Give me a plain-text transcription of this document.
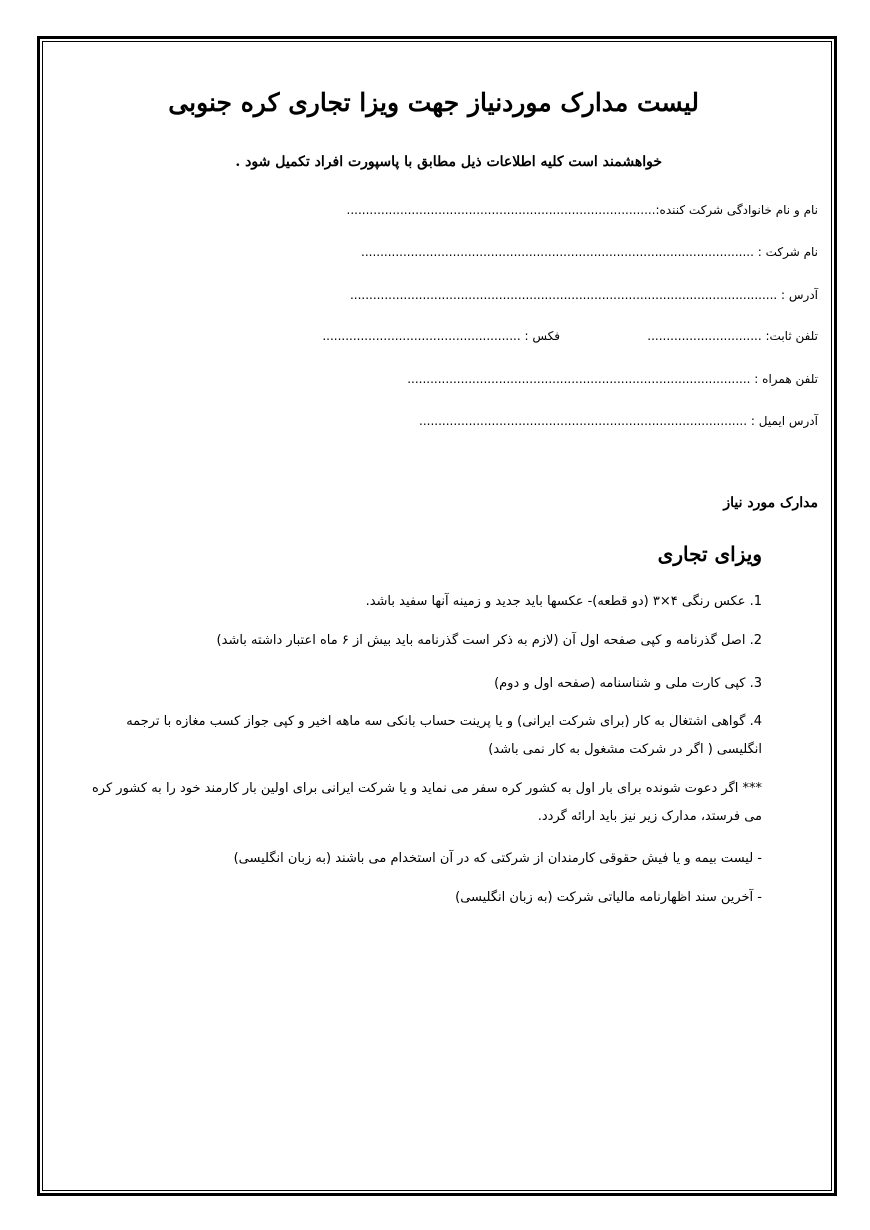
لیست مدارک موردنیاز جهت ویزا تجاری کره جنوبی
خواهشمند است کلیه اطلاعات ذیل مطابق با پاسپورت افراد تکمیل شود .
نام و نام خانوادگی شرکت کننده:.................................................................................
نام شرکت : .......................................................................................................
آدرس : ................................................................................................................
تلفن ثابت: ..............................
فکس : ....................................................
تلفن همراه : ..........................................................................................
آدرس ایمیل : ......................................................................................
مدارک مورد نیاز
ویزای تجاری
1. عکس رنگی ۴×۳ (دو قطعه)- عکسها باید جدید و زمینه آنها سفید باشد.
2. اصل گذرنامه و کپی صفحه اول آن (لازم به ذکر است گذرنامه باید بیش از ۶ ماه اعتبار داشته باشد)
3. کپی کارت ملی و شناسنامه (صفحه اول و دوم)
4. گواهی اشتغال به کار (برای شرکت ایرانی) و یا پرینت حساب بانکی سه ماهه اخیر و کپی جواز کسب مغازه با ترجمه انگلیسی ( اگر در شرکت مشغول به کار نمی باشد)
*** اگر دعوت شونده برای بار اول به کشور کره سفر می نماید و یا شرکت ایرانی برای اولین بار کارمند خود را به کشور کره می فرستد، مدارک زیر نیز باید ارائه گردد.
- لیست بیمه و یا فیش حقوقی کارمندان از شرکتی که در آن استخدام می باشند (به زبان انگلیسی)
- آخرین سند اظهارنامه مالیاتی شرکت (به زبان انگلیسی)
